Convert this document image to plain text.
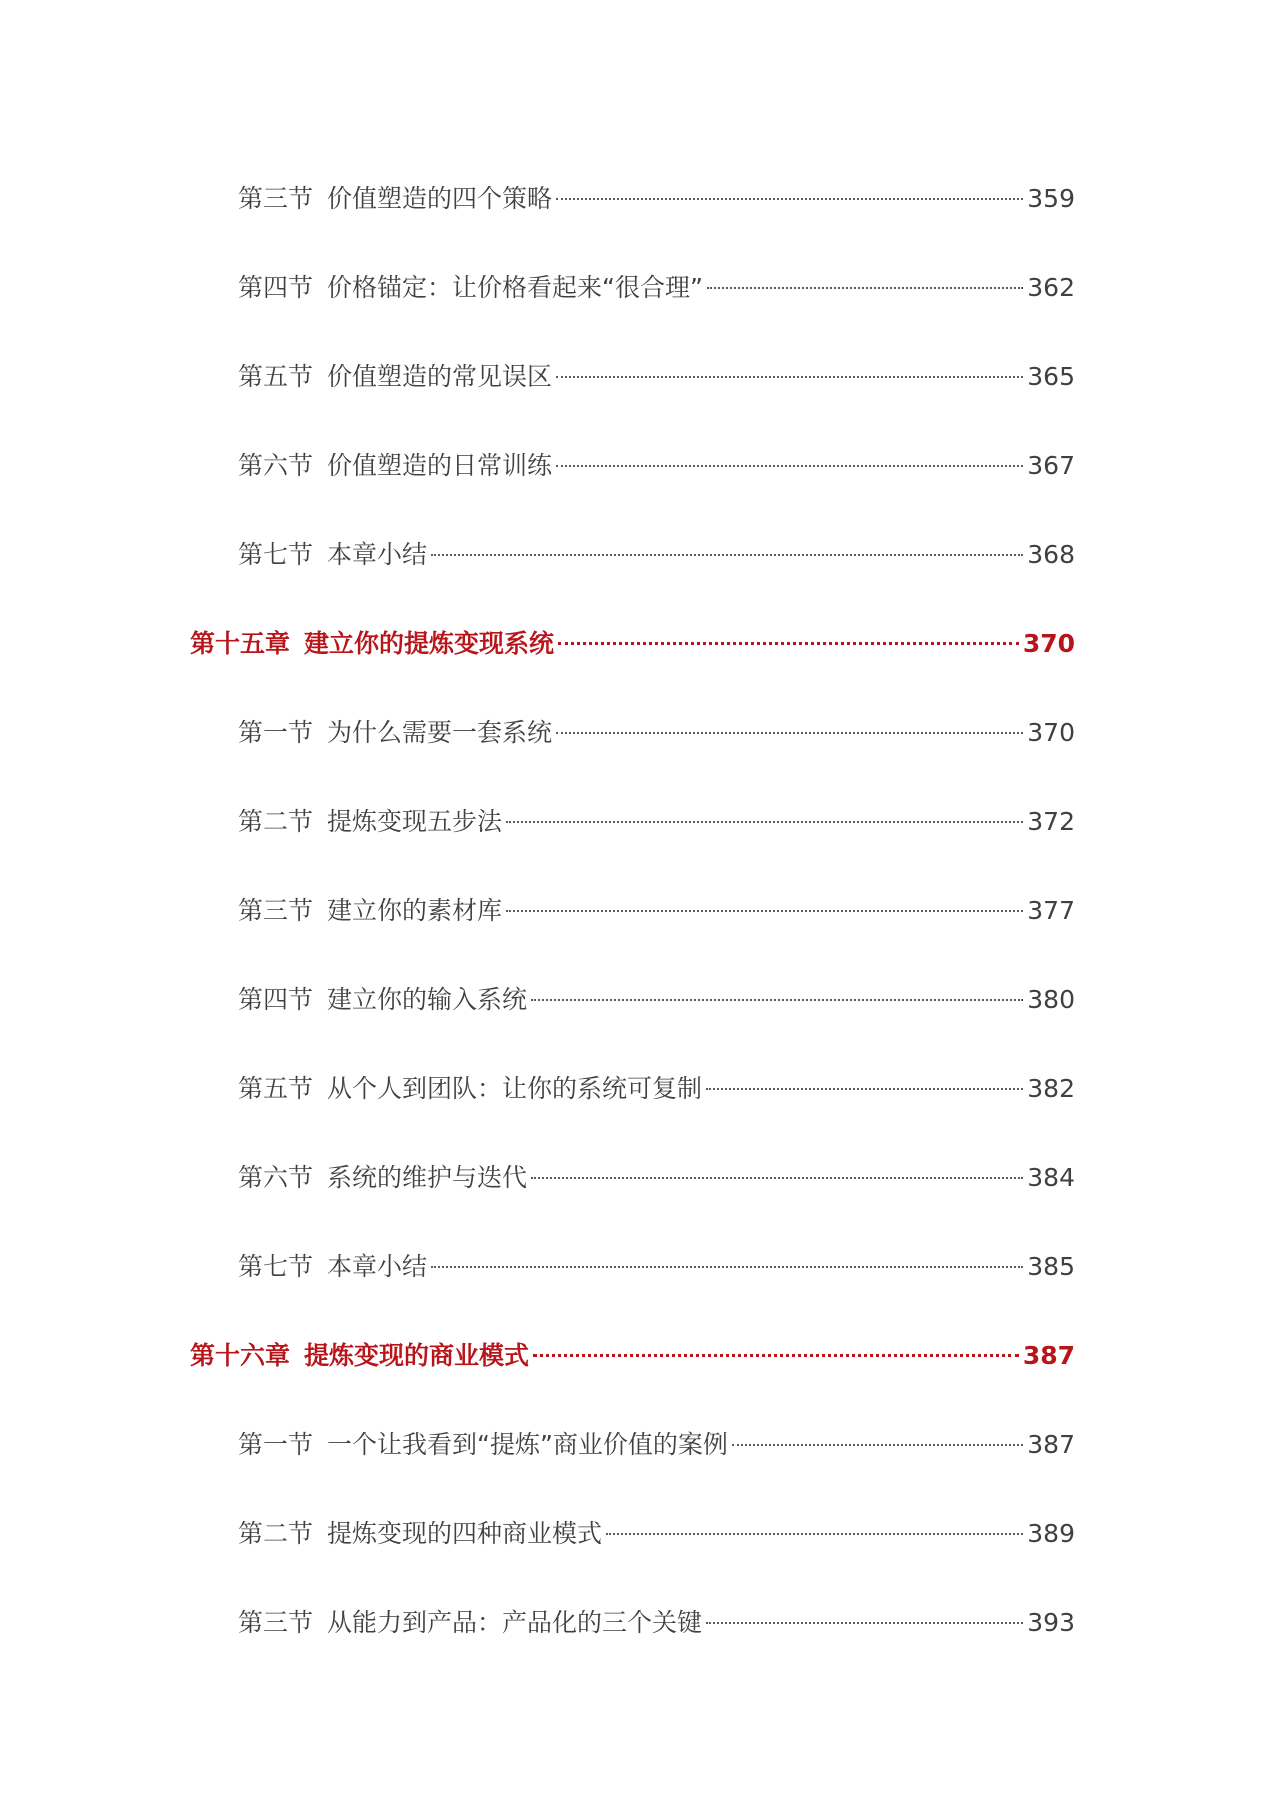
第三节 价值塑造的四个策略	359
第四节 价格锚定：让价格看起来“很合理”	362
第五节 价值塑造的常见误区	365
第六节 价值塑造的日常训练	367
第七节 本章小结	368
第十五章 建立你的提炼变现系统	370
第一节 为什么需要一套系统	370
第二节 提炼变现五步法	372
第三节 建立你的素材库	377
第四节 建立你的输入系统	380
第五节 从个人到团队：让你的系统可复制	382
第六节 系统的维护与迭代	384
第七节 本章小结	385
第十六章 提炼变现的商业模式	387
第一节 一个让我看到“提炼”商业价值的案例	387
第二节 提炼变现的四种商业模式	389
第三节 从能力到产品：产品化的三个关键	393
